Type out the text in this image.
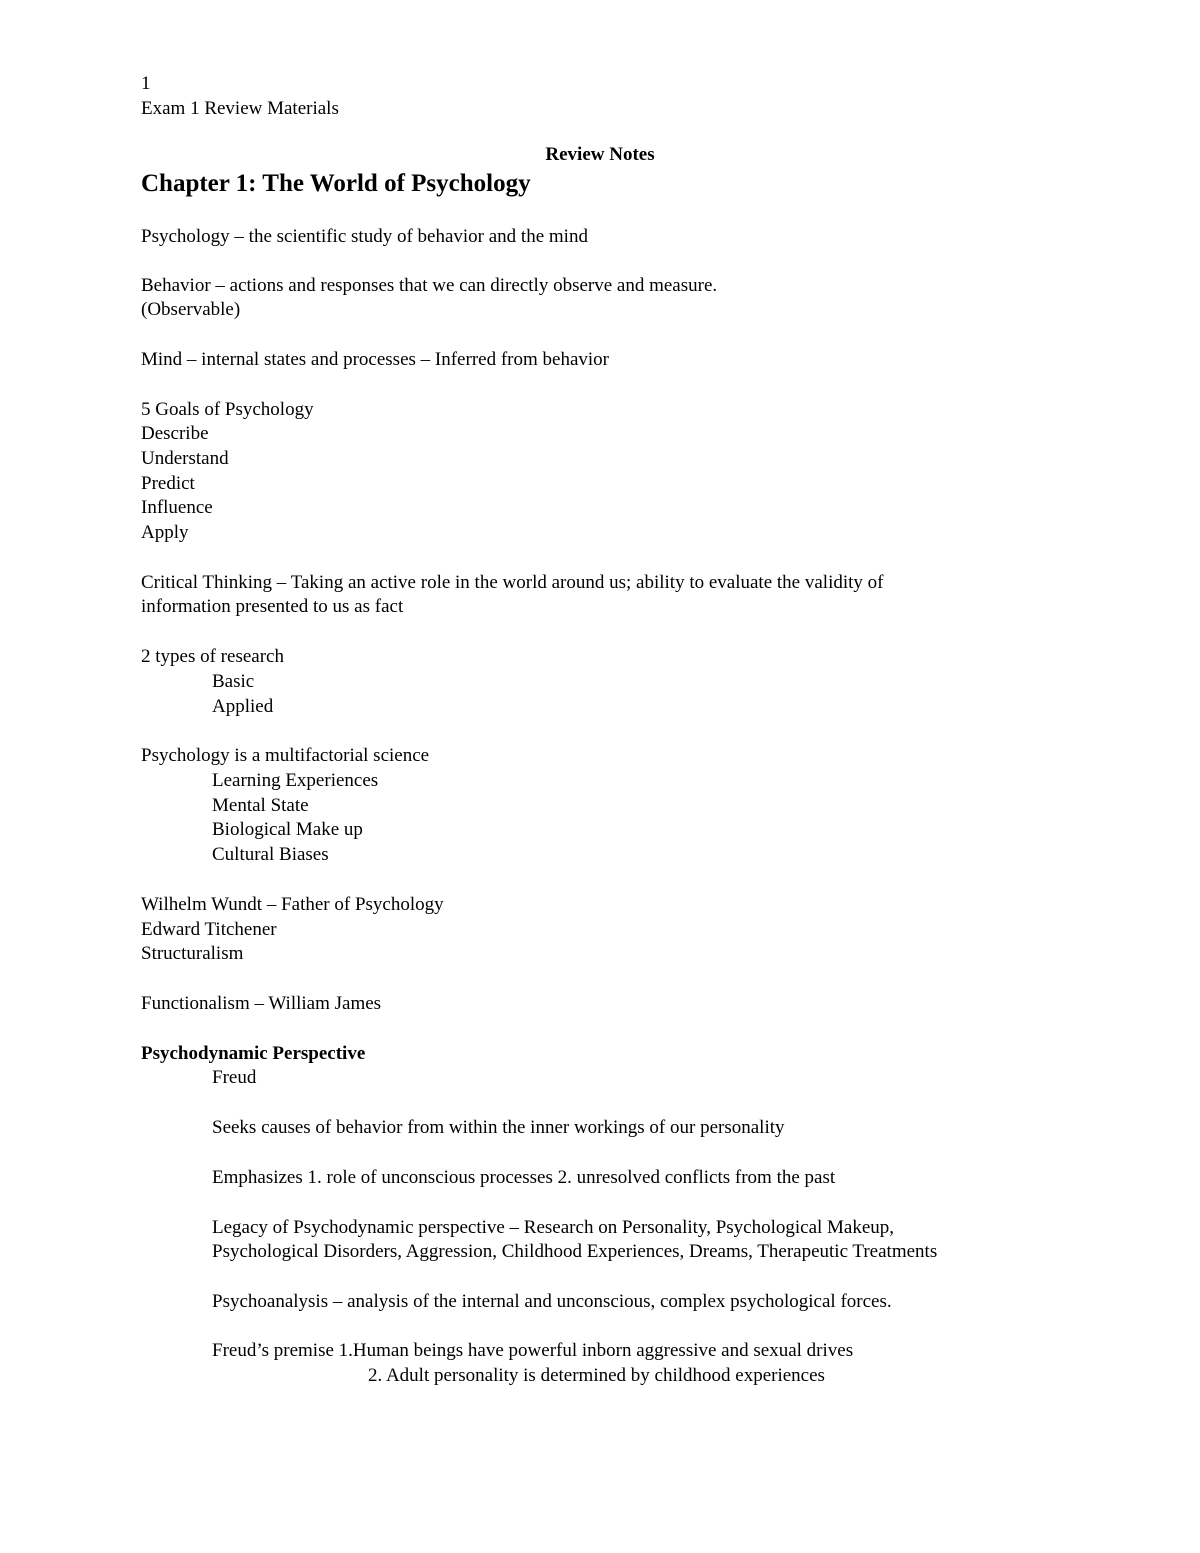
1
Exam 1 Review Materials
Review Notes
Chapter 1: The World of Psychology
Psychology – the scientific study of behavior and the mind
Behavior – actions and responses that we can directly observe and measure.
(Observable)
Mind – internal states and processes – Inferred from behavior
5 Goals of Psychology
Describe
Understand
Predict
Influence
Apply
Critical Thinking – Taking an active role in the world around us; ability to evaluate the validity of
information presented to us as fact
2 types of research
Basic
Applied
Psychology is a multifactorial science
Learning Experiences
Mental State
Biological Make up
Cultural Biases
Wilhelm Wundt – Father of Psychology
Edward Titchener
Structuralism
Functionalism – William James
Psychodynamic Perspective
Freud
Seeks causes of behavior from within the inner workings of our personality
Emphasizes 1. role of unconscious processes 2. unresolved conflicts from the past
Legacy of Psychodynamic perspective – Research on Personality, Psychological Makeup,
Psychological Disorders, Aggression, Childhood Experiences, Dreams, Therapeutic Treatments
Psychoanalysis – analysis of the internal and unconscious, complex psychological forces.
Freud’s premise 1.Human beings have powerful inborn aggressive and sexual drives
2. Adult personality is determined by childhood experiences
